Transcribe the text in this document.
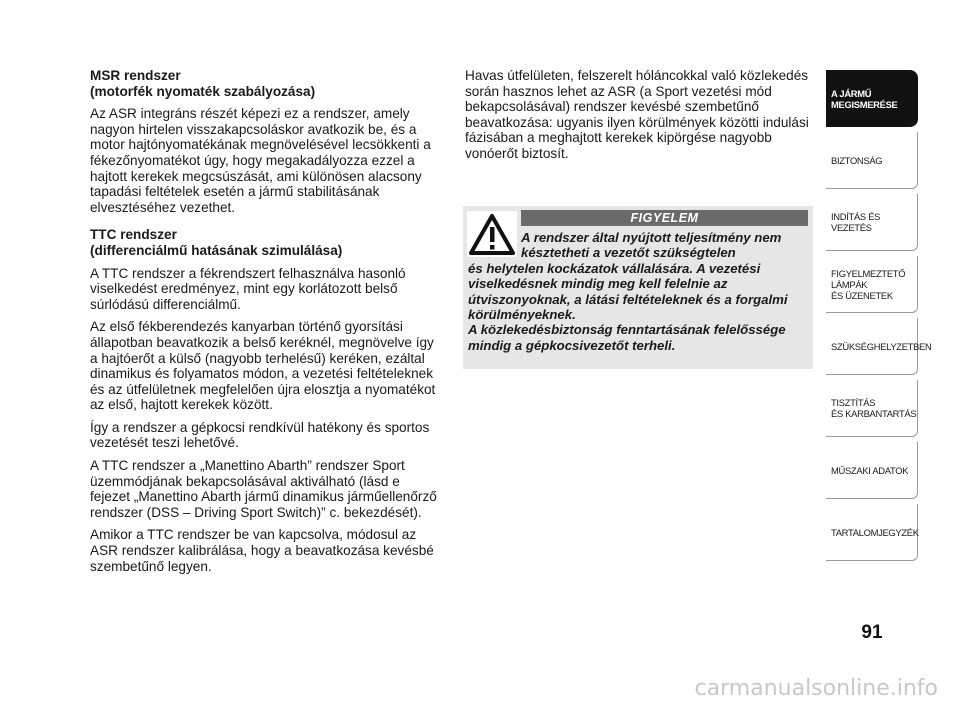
MSR rendszer
(motorfék nyomaték szabályozása)

Az ASR integráns részét képezi ez a rendszer, amely nagyon hirtelen visszakapcsoláskor avatkozik be, és a motor hajtónyomatékának megnövelésével lecsökkenti a fékezőnyomatékot úgy, hogy megakadályozza ezzel a hajtott kerekek megcsúszását, ami különösen alacsony tapadási feltételek esetén a jármű stabilitásának elvesztéséhez vezethet.

TTC rendszer
(differenciálmű hatásának szimulálása)

A TTC rendszer a fékrendszert felhasználva hasonló viselkedést eredményez, mint egy korlátozott belső súrlódású differenciálmű.

Az első fékberendezés kanyarban történő gyorsítási állapotban beavatkozik a belső keréknél, megnövelve így a hajtóerőt a külső (nagyobb terhelésű) keréken, ezáltal dinamikus és folyamatos módon, a vezetési feltételeknek és az útfelületnek megfelelően újra elosztja a nyomatékot az első, hajtott kerekek között.

Így a rendszer a gépkocsi rendkívül hatékony és sportos vezetését teszi lehetővé.

A TTC rendszer a „Manettino Abarth” rendszer Sport üzemmódjának bekapcsolásával aktiválható (lásd e fejezet „Manettino Abarth jármű dinamikus járműellenőrző rendszer (DSS – Driving Sport Switch)” c. bekezdését).

Amikor a TTC rendszer be van kapcsolva, módosul az ASR rendszer kalibrálása, hogy a beavatkozása kevésbé szembetűnő legyen.

Havas útfelületen, felszerelt hóláncokkal való közlekedés során hasznos lehet az ASR (a Sport vezetési mód bekapcsolásával) rendszer kevésbé szembetűnő beavatkozása: ugyanis ilyen körülmények közötti indulási fázisában a meghajtott kerekek kipörgése nagyobb vonóerőt biztosít.

FIGYELEM
A rendszer által nyújtott teljesítmény nem késztetheti a vezetőt szükségtelen
és helytelen kockázatok vállalására. A vezetési viselkedésnek mindig meg kell felelnie az útviszonyoknak, a látási feltételeknek és a forgalmi körülményeknek.
A közlekedésbiztonság fenntartásának felelőssége mindig a gépkocsivezetőt terheli.
A JÁRMŰ
MEGISMERÉSE
BIZTONSÁG
INDÍTÁS ÉS VEZETÉS
FIGYELMEZTETŐ
LÁMPÁK
ÉS ÜZENETEK
SZÜKSÉGHELYZETBEN
TISZTÍTÁS
ÉS KARBANTARTÁS
MŰSZAKI ADATOK
TARTALOMJEGYZÉK
91
carmanualsonline.info
